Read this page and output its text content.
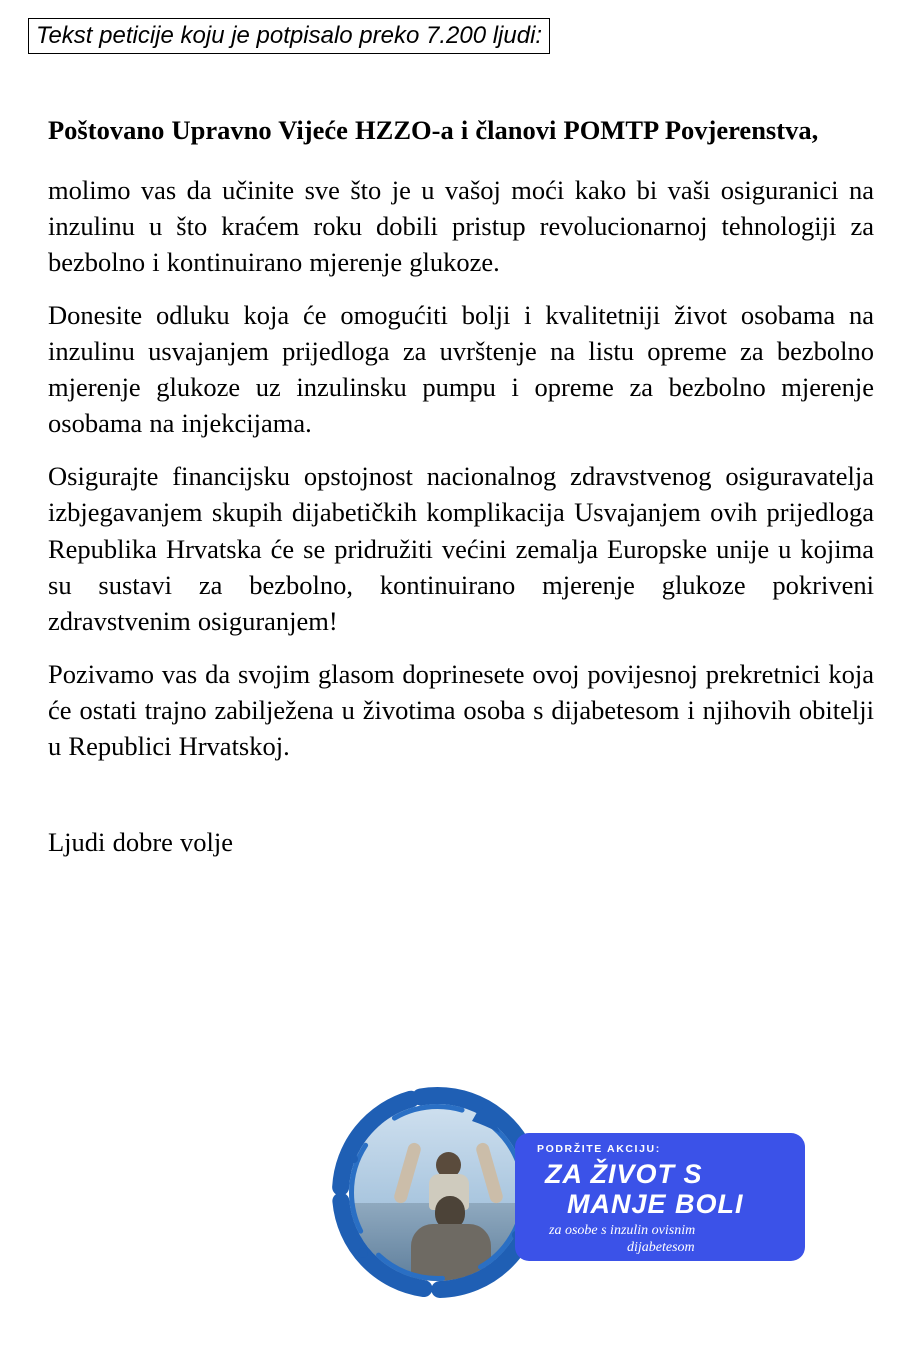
Tekst peticije koju je potpisalo preko 7.200 ljudi:

Poštovano Upravno Vijeće HZZO-a i članovi POMTP Povjerenstva,

molimo vas da učinite sve što je u vašoj moći kako bi vaši osiguranici na inzulinu u što kraćem roku dobili pristup revolucionarnoj tehnologiji za bezbolno i kontinuirano mjerenje glukoze.

Donesite odluku koja će omogućiti bolji i kvalitetniji život osobama na inzulinu usvajanjem prijedloga za uvrštenje na listu opreme za bezbolno mjerenje glukoze uz inzulinsku pumpu i opreme za bezbolno mjerenje osobama na injekcijama.

Osigurajte financijsku opstojnost nacionalnog zdravstvenog osiguravatelja izbjegavanjem skupih dijabetičkih komplikacija Usvajanjem ovih prijedloga Republika Hrvatska će se pridružiti većini zemalja Europske unije u kojima su sustavi za bezbolno, kontinuirano mjerenje glukoze pokriveni zdravstvenim osiguranjem!

Pozivamo vas da svojim glasom doprinesete ovoj povijesnoj prekretnici koja će ostati trajno zabilježena u životima osoba s dijabetesom i njihovih obitelji u Republici Hrvatskoj.

Ljudi dobre volje

PODRŽITE AKCIJU:
ZA ŽIVOT S
MANJE BOLI
za osobe s inzulin ovisnim
dijabetesom
